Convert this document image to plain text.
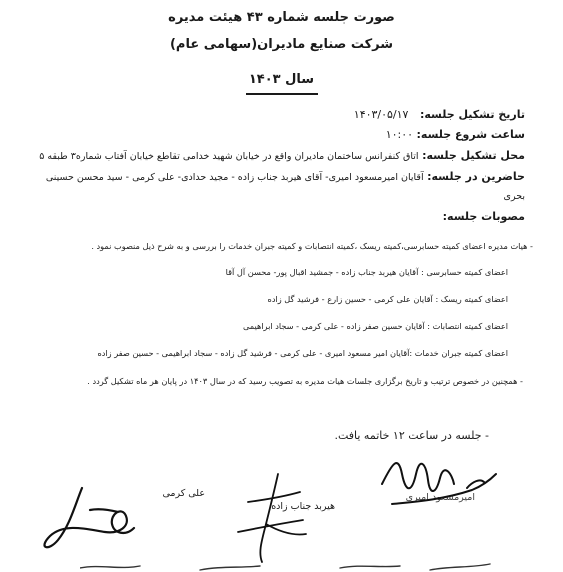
صورت جلسه شماره ۴۳ هیئت مدیره
شرکت صنایع مادیران(سهامی عام)
سال ۱۴۰۳
تاریخ تشکیل جلسه: ۱۴۰۳/۰۵/۱۷
ساعت شروع جلسه: ۱۰:۰۰
محل تشکیل جلسه: اتاق کنفرانس ساختمان مادیران واقع در خیابان شهید خدامی تقاطع خیابان آفتاب شماره۳ طبقه ۵
حاضرین در جلسه: آقایان امیرمسعود امیری- آقای هیربد جناب زاده - مجید حدادی- علی کرمی - سید محسن حسینی
بحری
مصوبات جلسه:
- هیات مدیره اعضای کمیته حسابرسی،کمیته ریسک ،کمیته انتصابات و کمیته جبران خدمات را بررسی و به شرح ذیل منصوب نمود .
اعضای کمیته حسابرسی : آقایان هیربد جناب زاده - جمشید اقبال پور- محسن آل آقا
اعضای کمیته ریسک : آقایان علی کرمی - حسین زارع - فرشید گل زاده
اعضای کمیته انتصابات : آقایان حسین صفر زاده - علی کرمی - سجاد ابراهیمی
اعضای کمیته جبران خدمات :آقایان امیر مسعود امیری - علی کرمی - فرشید گل زاده - سجاد ابراهیمی - حسین صفر زاده
- همچنین در خصوص ترتیب و تاریخ برگزاری جلسات هیات مدیره به تصویب رسید که در سال ۱۴۰۳ در پایان هر ماه تشکیل گردد .
- جلسه در ساعت ۱۲ خاتمه یافت.
علی کرمی
هیربد جناب زاده
امیرمسعود امیری
